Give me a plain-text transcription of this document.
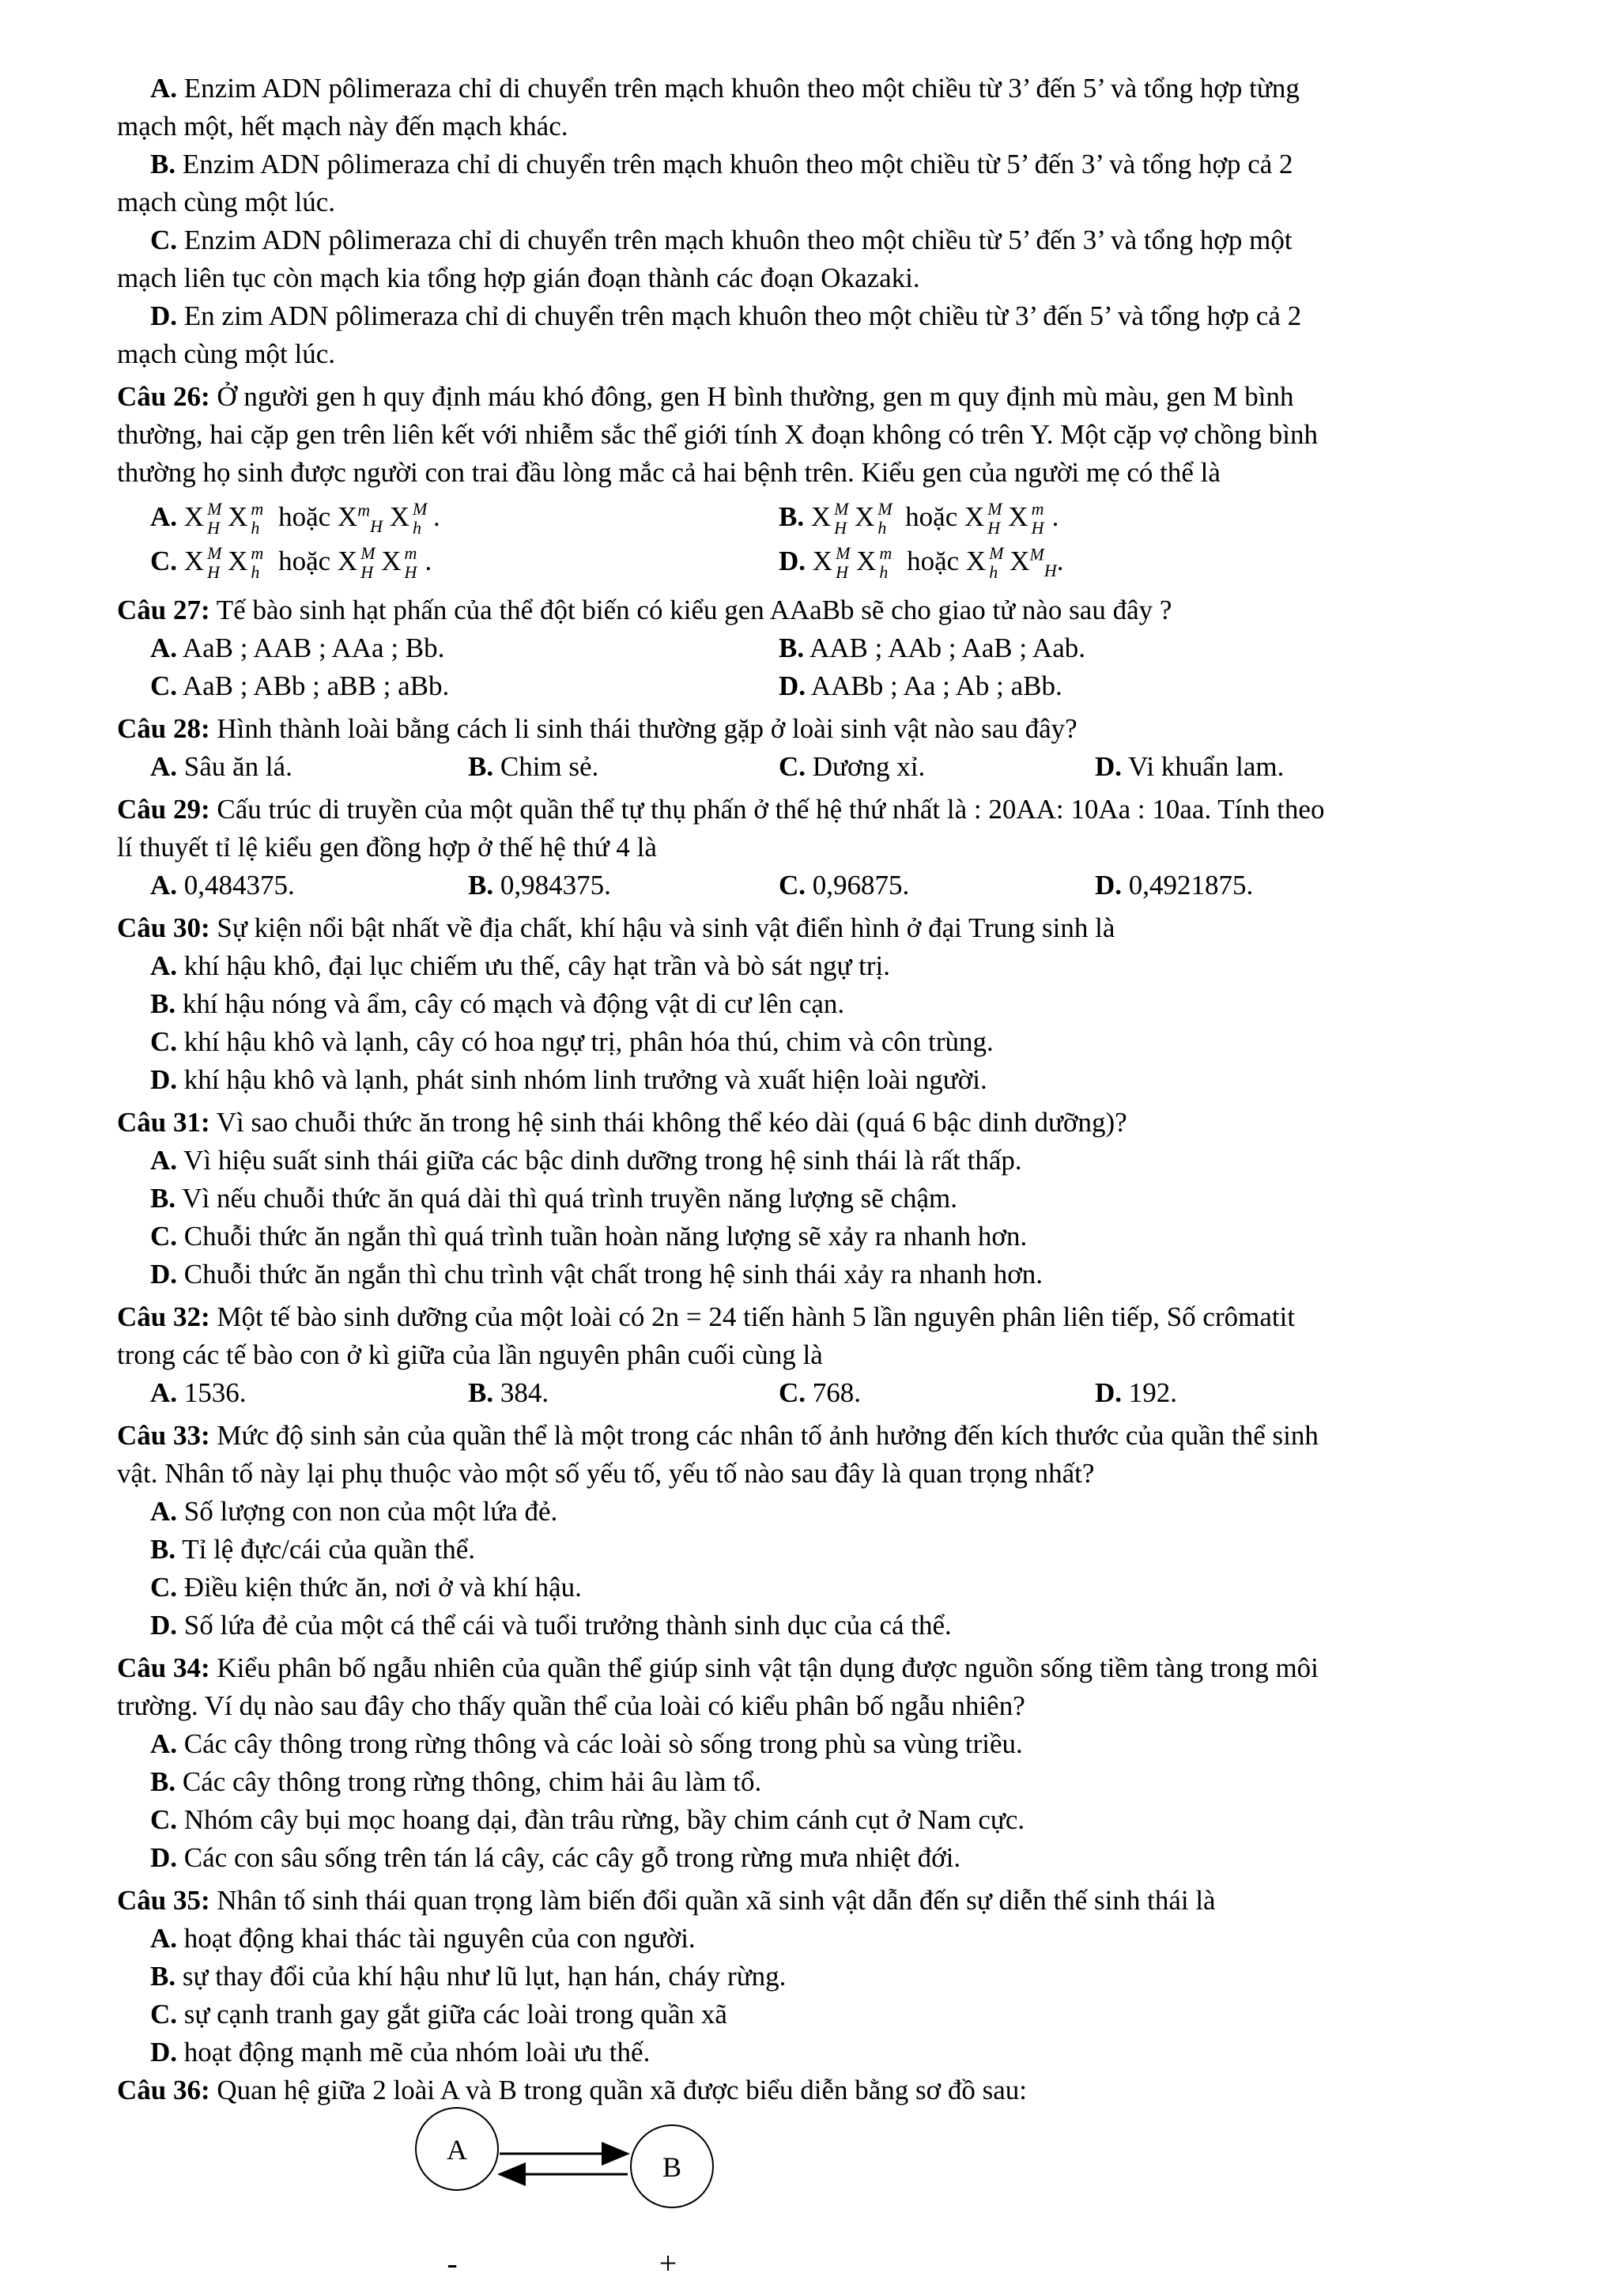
A. Enzim ADN pôlimeraza chỉ di chuyển trên mạch khuôn theo một chiều từ 3’ đến 5’ và tổng hợp từng
mạch một, hết mạch này đến mạch khác.
B. Enzim ADN pôlimeraza chỉ di chuyển trên mạch khuôn theo một chiều từ 5’ đến 3’ và tổng hợp cả 2
mạch cùng một lúc.
C. Enzim ADN pôlimeraza chỉ di chuyển trên mạch khuôn theo một chiều từ 5’ đến 3’ và tổng hợp một
mạch liên tục còn mạch kia tổng hợp gián đoạn thành các đoạn Okazaki.
D. En zim ADN pôlimeraza chỉ di chuyển trên mạch khuôn theo một chiều từ 3’ đến 5’ và tổng hợp cả 2
mạch cùng một lúc.
Câu 26: Ở người gen h quy định máu khó đông, gen H bình thường, gen m quy định mù màu, gen M bình
thường, hai cặp gen trên liên kết với nhiễm sắc thể giới tính X đoạn không có trên Y. Một cặp vợ chồng bình
thường họ sinh được người con trai đầu lòng mắc cả hai bệnh trên. Kiểu gen của người mẹ có thể là
A. X M
H X m
h hoặc $X^m_H$ X M
h .	B. X M
H X M
h hoặc X M
H X m
H .
C. X M
H X m
h hoặc X M
H X m
H .	D. X M
H X m
h hoặc X M
h $X^M_H$.
Câu 27: Tế bào sinh hạt phấn của thể đột biến có kiểu gen AAaBb sẽ cho giao tử nào sau đây ?
A. AaB ; AAB ; AAa ; Bb.	B. AAB ; AAb ; AaB ; Aab.
C. AaB ; ABb ; aBB ; aBb.	D. AABb ; Aa ; Ab ; aBb.
Câu 28: Hình thành loài bằng cách li sinh thái thường gặp ở loài sinh vật nào sau đây?
A. Sâu ăn lá.	B. Chim sẻ.	C. Dương xỉ.	D. Vi khuẩn lam.
Câu 29: Cấu trúc di truyền của một quần thể tự thụ phấn ở thế hệ thứ nhất là : 20AA: 10Aa : 10aa. Tính theo
lí thuyết tỉ lệ kiểu gen đồng hợp ở thế hệ thứ 4 là
A. 0,484375.	B. 0,984375.	C. 0,96875.	D. 0,4921875.
Câu 30: Sự kiện nổi bật nhất về địa chất, khí hậu và sinh vật điển hình ở đại Trung sinh là
A. khí hậu khô, đại lục chiếm ưu thế, cây hạt trần và bò sát ngự trị.
B. khí hậu nóng và ẩm, cây có mạch và động vật di cư lên cạn.
C. khí hậu khô và lạnh, cây có hoa ngự trị, phân hóa thú, chim và côn trùng.
D. khí hậu khô và lạnh, phát sinh nhóm linh trưởng và xuất hiện loài người.
Câu 31: Vì sao chuỗi thức ăn trong hệ sinh thái không thể kéo dài (quá 6 bậc dinh dưỡng)?
A. Vì hiệu suất sinh thái giữa các bậc dinh dưỡng trong hệ sinh thái là rất thấp.
B. Vì nếu chuỗi thức ăn quá dài thì quá trình truyền năng lượng sẽ chậm.
C. Chuỗi thức ăn ngắn thì quá trình tuần hoàn năng lượng sẽ xảy ra nhanh hơn.
D. Chuỗi thức ăn ngắn thì chu trình vật chất trong hệ sinh thái xảy ra nhanh hơn.
Câu 32: Một tế bào sinh dưỡng của một loài có 2n = 24 tiến hành 5 lần nguyên phân liên tiếp, Số crômatit
trong các tế bào con ở kì giữa của lần nguyên phân cuối cùng là
A. 1536.	B. 384.	C. 768.	D. 192.
Câu 33: Mức độ sinh sản của quần thể là một trong các nhân tố ảnh hưởng đến kích thước của quần thể sinh
vật. Nhân tố này lại phụ thuộc vào một số yếu tố, yếu tố nào sau đây là quan trọng nhất?
A. Số lượng con non của một lứa đẻ.
B. Tỉ lệ đực/cái của quần thể.
C. Điều kiện thức ăn, nơi ở và khí hậu.
D. Số lứa đẻ của một cá thể cái và tuổi trưởng thành sinh dục của cá thể.
Câu 34: Kiểu phân bố ngẫu nhiên của quần thể giúp sinh vật tận dụng được nguồn sống tiềm tàng trong môi
trường. Ví dụ nào sau đây cho thấy quần thể của loài có kiểu phân bố ngẫu nhiên?
A. Các cây thông trong rừng thông và các loài sò sống trong phù sa vùng triều.
B. Các cây thông trong rừng thông, chim hải âu làm tổ.
C. Nhóm cây bụi mọc hoang dại, đàn trâu rừng, bầy chim cánh cụt ở Nam cực.
D. Các con sâu sống trên tán lá cây, các cây gỗ trong rừng mưa nhiệt đới.
Câu 35: Nhân tố sinh thái quan trọng làm biến đổi quần xã sinh vật dẫn đến sự diễn thế sinh thái là
A. hoạt động khai thác tài nguyên của con người.
B. sự thay đổi của khí hậu như lũ lụt, hạn hán, cháy rừng.
C. sự cạnh tranh gay gắt giữa các loài trong quần xã
D. hoạt động mạnh mẽ của nhóm loài ưu thế.
Câu 36: Quan hệ giữa 2 loài A và B trong quần xã được biểu diễn bằng sơ đồ sau:
A
B
-	+
